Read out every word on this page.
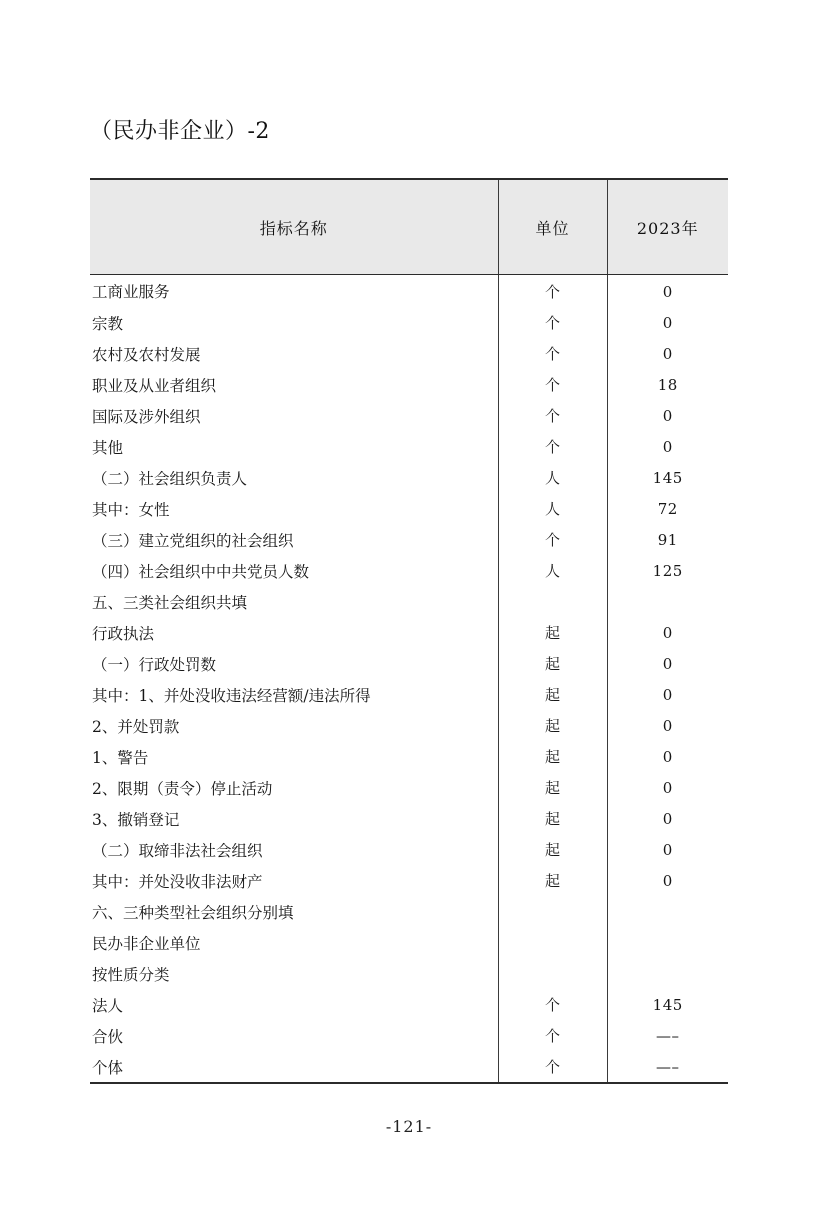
（民办非企业）-2
指标名称	单位	2023年
工商业服务	个	0
宗教	个	0
农村及农村发展	个	0
职业及从业者组织	个	18
国际及涉外组织	个	0
其他	个	0
（二）社会组织负责人	人	145
其中：女性	人	72
（三）建立党组织的社会组织	个	91
（四）社会组织中中共党员人数	人	125
五、三类社会组织共填		
行政执法	起	0
（一）行政处罚数	起	0
其中：1、并处没收违法经营额/违法所得	起	0
2、并处罚款	起	0
1、警告	起	0
2、限期（责令）停止活动	起	0
3、撤销登记	起	0
（二）取缔非法社会组织	起	0
其中：并处没收非法财产	起	0
六、三种类型社会组织分别填		
民办非企业单位		
按性质分类		
法人	个	145
合伙	个	—–
个体	个	—–
-121-
